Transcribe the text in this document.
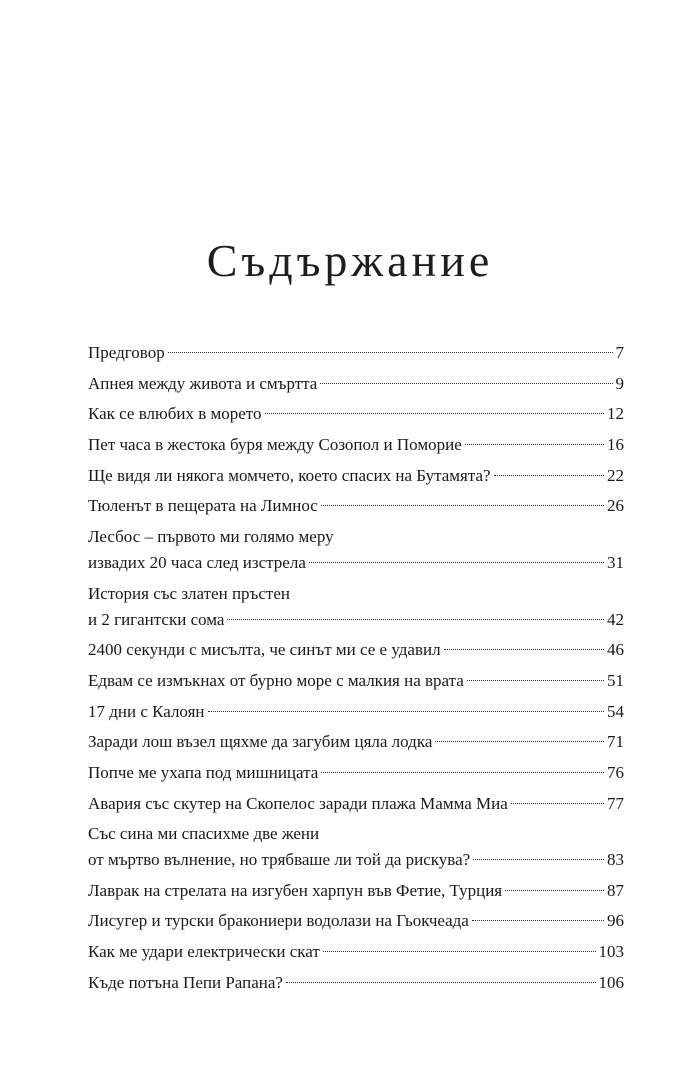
Съдържание
Предговор	7
Апнея между живота и смъртта	9
Как се влюбих в морето	12
Пет часа в жестока буря между Созопол и Поморие	16
Ще видя ли някога момчето, което спасих на Бутамята?	22
Тюленът в пещерата на Лимнос	26
Лесбос – първото ми голямо меру
извадих 20 часа след изстрела	31
История със златен пръстен
и 2 гигантски сома	42
2400 секунди с мисълта, че синът ми се е удавил	46
Едвам се измъкнах от бурно море с малкия на врата	51
17 дни с Калоян	54
Заради лош възел щяхме да загубим цяла лодка	71
Попче ме ухапа под мишницата	76
Авария със скутер на Скопелос заради плажа Мамма Миа	77
Със сина ми спасихме две жени
от мъртво вълнение, но трябваше ли той да рискува?	83
Лаврак на стрелата на изгубен харпун във Фетие, Турция	87
Лисугер и турски бракониери водолази на Гьокчеада	96
Как ме удари електрически скат	103
Къде потъна Пепи Рапана?	106
